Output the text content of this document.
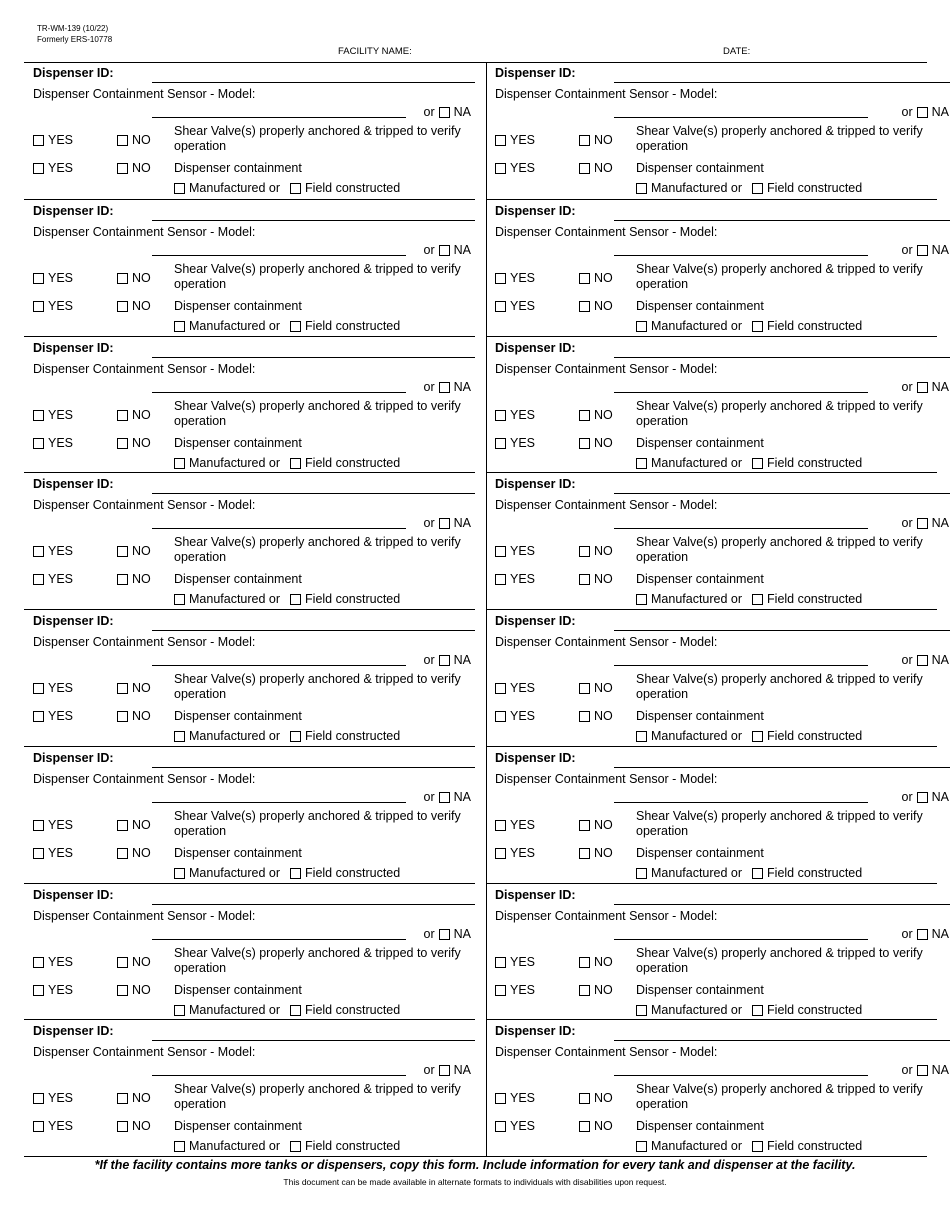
TR-WM-139 (10/22)
Formerly ERS-10778
FACILITY NAME:	DATE:
Dispenser ID:
Dispenser Containment Sensor - Model:
or NA
YES	NO
Shear Valve(s) properly anchored & tripped to verify operation
YES	NO Dispenser containment
Manufactured or Field constructed
Dispenser ID:
Dispenser Containment Sensor - Model:
or NA
YES	NO
Shear Valve(s) properly anchored & tripped to verify operation
YES	NO Dispenser containment
Manufactured or Field constructed
Dispenser ID:
Dispenser Containment Sensor - Model:
or NA
YES	NO
Shear Valve(s) properly anchored & tripped to verify operation
YES	NO Dispenser containment
Manufactured or Field constructed
Dispenser ID:
Dispenser Containment Sensor - Model:
or NA
YES	NO
Shear Valve(s) properly anchored & tripped to verify operation
YES	NO Dispenser containment
Manufactured or Field constructed
Dispenser ID:
Dispenser Containment Sensor - Model:
or NA
YES	NO
Shear Valve(s) properly anchored & tripped to verify operation
YES	NO Dispenser containment
Manufactured or Field constructed
Dispenser ID:
Dispenser Containment Sensor - Model:
or NA
YES	NO
Shear Valve(s) properly anchored & tripped to verify operation
YES	NO Dispenser containment
Manufactured or Field constructed
Dispenser ID:
Dispenser Containment Sensor - Model:
or NA
YES	NO
Shear Valve(s) properly anchored & tripped to verify operation
YES	NO Dispenser containment
Manufactured or Field constructed
Dispenser ID:
Dispenser Containment Sensor - Model:
or NA
YES	NO
Shear Valve(s) properly anchored & tripped to verify operation
YES	NO Dispenser containment
Manufactured or Field constructed
Dispenser ID:
Dispenser Containment Sensor - Model:
or NA
YES	NO
Shear Valve(s) properly anchored & tripped to verify operation
YES	NO Dispenser containment
Manufactured or Field constructed
Dispenser ID:
Dispenser Containment Sensor - Model:
or NA
YES	NO
Shear Valve(s) properly anchored & tripped to verify operation
YES	NO Dispenser containment
Manufactured or Field constructed
Dispenser ID:
Dispenser Containment Sensor - Model:
or NA
YES	NO
Shear Valve(s) properly anchored & tripped to verify operation
YES	NO Dispenser containment
Manufactured or Field constructed
Dispenser ID:
Dispenser Containment Sensor - Model:
or NA
YES	NO
Shear Valve(s) properly anchored & tripped to verify operation
YES	NO Dispenser containment
Manufactured or Field constructed
Dispenser ID:
Dispenser Containment Sensor - Model:
or NA
YES	NO
Shear Valve(s) properly anchored & tripped to verify operation
YES	NO Dispenser containment
Manufactured or Field constructed
Dispenser ID:
Dispenser Containment Sensor - Model:
or NA
YES	NO
Shear Valve(s) properly anchored & tripped to verify operation
YES	NO Dispenser containment
Manufactured or Field constructed
Dispenser ID:
Dispenser Containment Sensor - Model:
or NA
YES	NO
Shear Valve(s) properly anchored & tripped to verify operation
YES	NO Dispenser containment
Manufactured or Field constructed
Dispenser ID:
Dispenser Containment Sensor - Model:
or NA
YES	NO
Shear Valve(s) properly anchored & tripped to verify operation
YES	NO Dispenser containment
Manufactured or Field constructed
*If the facility contains more tanks or dispensers, copy this form. Include information for every tank and dispenser at the facility.
This document can be made available in alternate formats to individuals with disabilities upon request.
